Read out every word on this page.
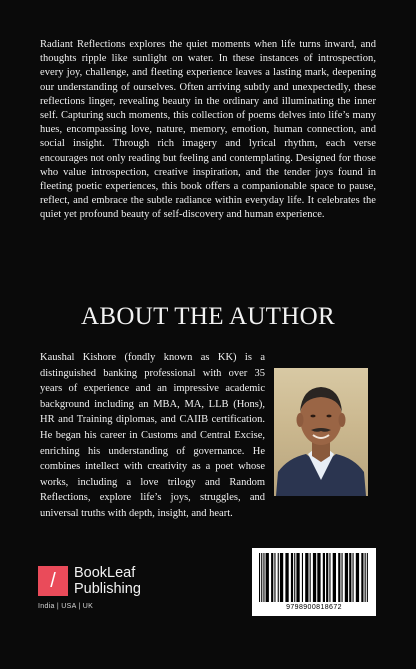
Radiant Reflections explores the quiet moments when life turns inward, and thoughts ripple like sunlight on water. In these instances of introspection, every joy, challenge, and fleeting experience leaves a lasting mark, deepening our understanding of ourselves. Often arriving subtly and unexpectedly, these reflections linger, revealing beauty in the ordinary and illuminating the inner self. Capturing such moments, this collection of poems delves into life’s many hues, encompassing love, nature, memory, emotion, human connection, and social insight. Through rich imagery and lyrical rhythm, each verse encourages not only reading but feeling and contemplating. Designed for those who value introspection, creative inspiration, and the tender joys found in fleeting poetic experiences, this book offers a companionable space to pause, reflect, and embrace the subtle radiance within everyday life. It celebrates the quiet yet profound beauty of self-discovery and human experience.

ABOUT THE AUTHOR

Kaushal Kishore (fondly known as KK) is a distinguished banking professional with over 35 years of experience and an impressive academic background including an MBA, MA, LLB (Hons), HR and Training diplomas, and CAIIB certification. He began his career in Customs and Central Excise, enriching his understanding of governance. He combines intellect with creativity as a poet whose works, including a love trilogy and Random Reflections, explore life’s joys, struggles, and universal truths with depth, insight, and heart.

/	BookLeaf
Publishing
India | USA | UK	9798900818672
